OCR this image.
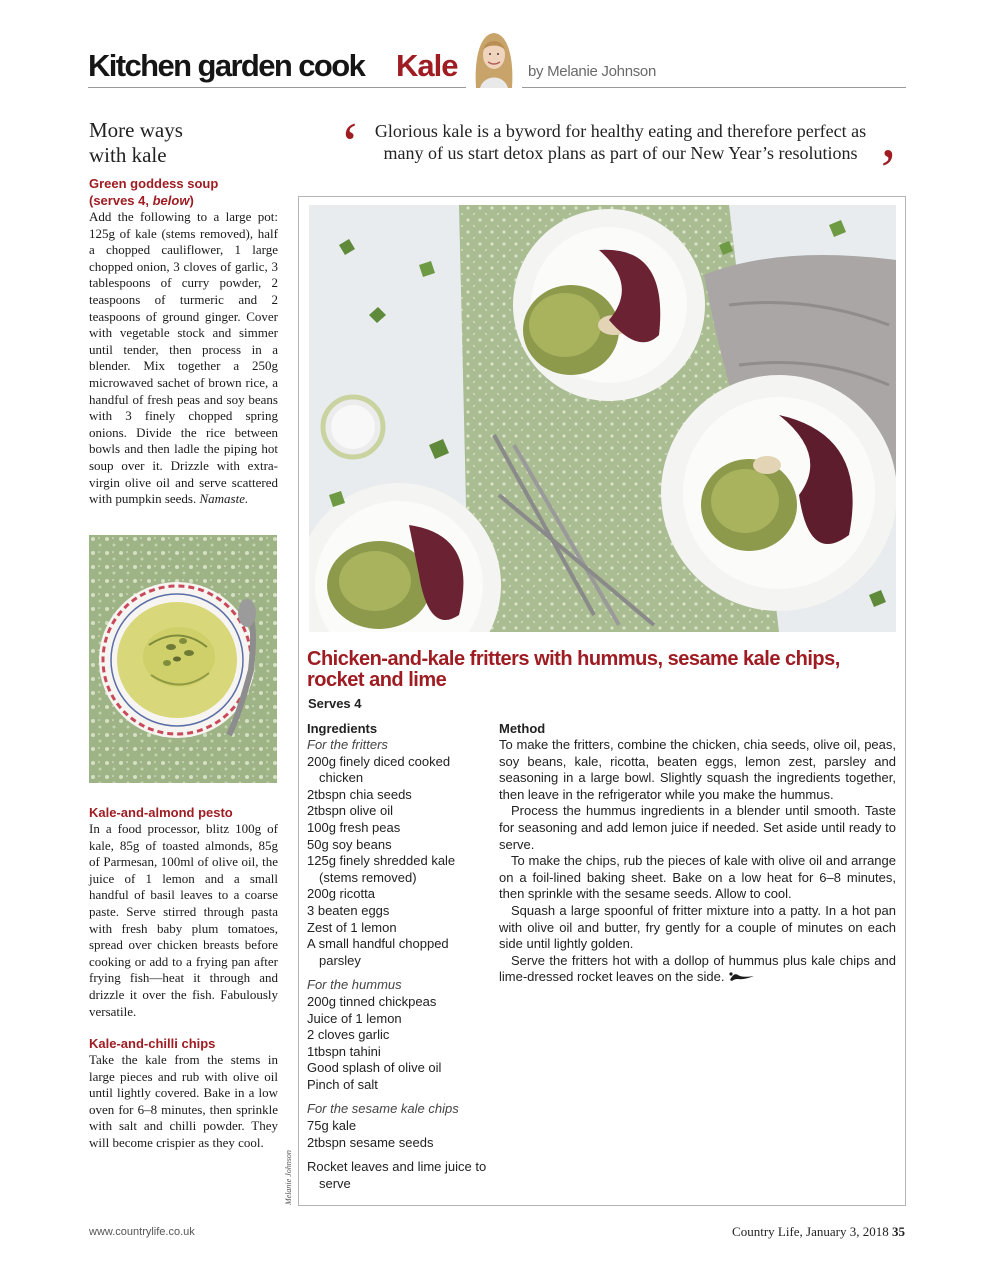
Kitchen garden cook Kale	by Melanie Johnson
More ways
with kale
Green goddess soup
(serves 4, below)
Add the following to a large pot: 125g of kale (stems removed), half a chopped cauliflower, 1 large chopped onion, 3 cloves of garlic, 3 tablespoons of curry powder, 2 teaspoons of turmeric and 2 teaspoons of ground ginger. Cover with vegetable stock and simmer until tender, then process in a blender. Mix together a 250g microwaved sachet of brown rice, a handful of fresh peas and soy beans with 3 finely chopped spring onions. Divide the rice between bowls and then ladle the piping hot soup over it. Drizzle with extra-virgin olive oil and serve scattered with pumpkin seeds. Namaste.
Kale-and-almond pesto
In a food processor, blitz 100g of kale, 85g of toasted almonds, 85g of Parmesan, 100ml of olive oil, the juice of 1 lemon and a small handful of basil leaves to a coarse paste. Serve stirred through pasta with fresh baby plum tomatoes, spread over chicken breasts before cooking or add to a frying pan after frying fish—heat it through and drizzle it over the fish. Fabulously versatile.
Kale-and-chilli chips
Take the kale from the stems in large pieces and rub with olive oil until lightly covered. Bake in a low oven for 6–8 minutes, then sprinkle with salt and chilli powder. They will become crispier as they cool.
Melanie Johnson
‘ Glorious kale is a byword for healthy eating and therefore perfect as many of us start detox plans as part of our New Year’s resolutions ’
Chicken-and-kale fritters with hummus, sesame kale chips, rocket and lime
Serves 4
Ingredients
For the fritters
200g finely diced cooked chicken
2tbspn chia seeds
2tbspn olive oil
100g fresh peas
50g soy beans
125g finely shredded kale (stems removed)
200g ricotta
3 beaten eggs
Zest of 1 lemon
A small handful chopped parsley
For the hummus
200g tinned chickpeas
Juice of 1 lemon
2 cloves garlic
1tbspn tahini
Good splash of olive oil
Pinch of salt
For the sesame kale chips
75g kale
2tbspn sesame seeds
Rocket leaves and lime juice to serve
Method

To make the fritters, combine the chicken, chia seeds, olive oil, peas, soy beans, kale, ricotta, beaten eggs, lemon zest, parsley and seasoning in a large bowl. Slightly squash the ingredients together, then leave in the refrigerator while you make the hummus.

Process the hummus ingredients in a blender until smooth. Taste for seasoning and add lemon juice if needed. Set aside until ready to serve.

To make the chips, rub the pieces of kale with olive oil and arrange on a foil-lined baking sheet. Bake on a low heat for 6–8 minutes, then sprinkle with the sesame seeds. Allow to cool.

Squash a large spoonful of fritter mixture into a patty. In a hot pan with olive oil and butter, fry gently for a couple of minutes on each side until lightly golden.

Serve the fritters hot with a dollop of hummus plus kale chips and lime-dressed rocket leaves on the side.

www.countrylife.co.uk	Country Life, January 3, 2018 35
